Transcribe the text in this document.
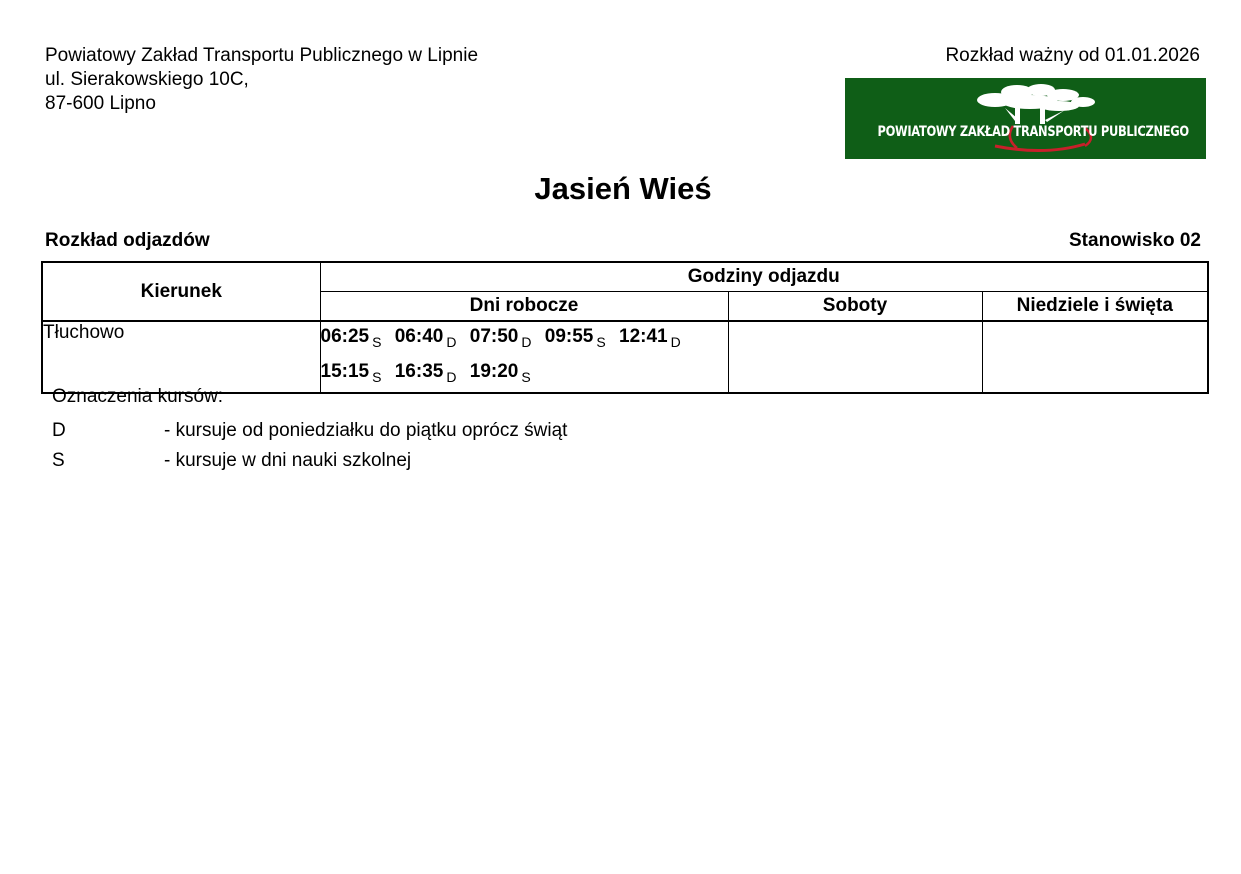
Powiatowy Zakład Transportu Publicznego w Lipnie
ul. Sierakowskiego 10C,
87-600 Lipno
Rozkład ważny od 01.01.2026
POWIATOWY ZAKŁAD TRANSPORTU PUBLICZNEGO
Jasień Wieś
Rozkład odjazdów	Stanowisko 02
Kierunek	Godziny odjazdu		
	Dni robocze	Soboty	Niedziele i święta
Tłuchowo	06:25 $_S$ 06:40 $_D$ 07:50 $_D$ 09:55 $_S$ 12:41 $_D$
15:15 $_S$ 16:35 $_D$ 19:20 $_S$

Oznaczenia kursów:
D	- kursuje od poniedziałku do piątku oprócz świąt
S	- kursuje w dni nauki szkolnej
